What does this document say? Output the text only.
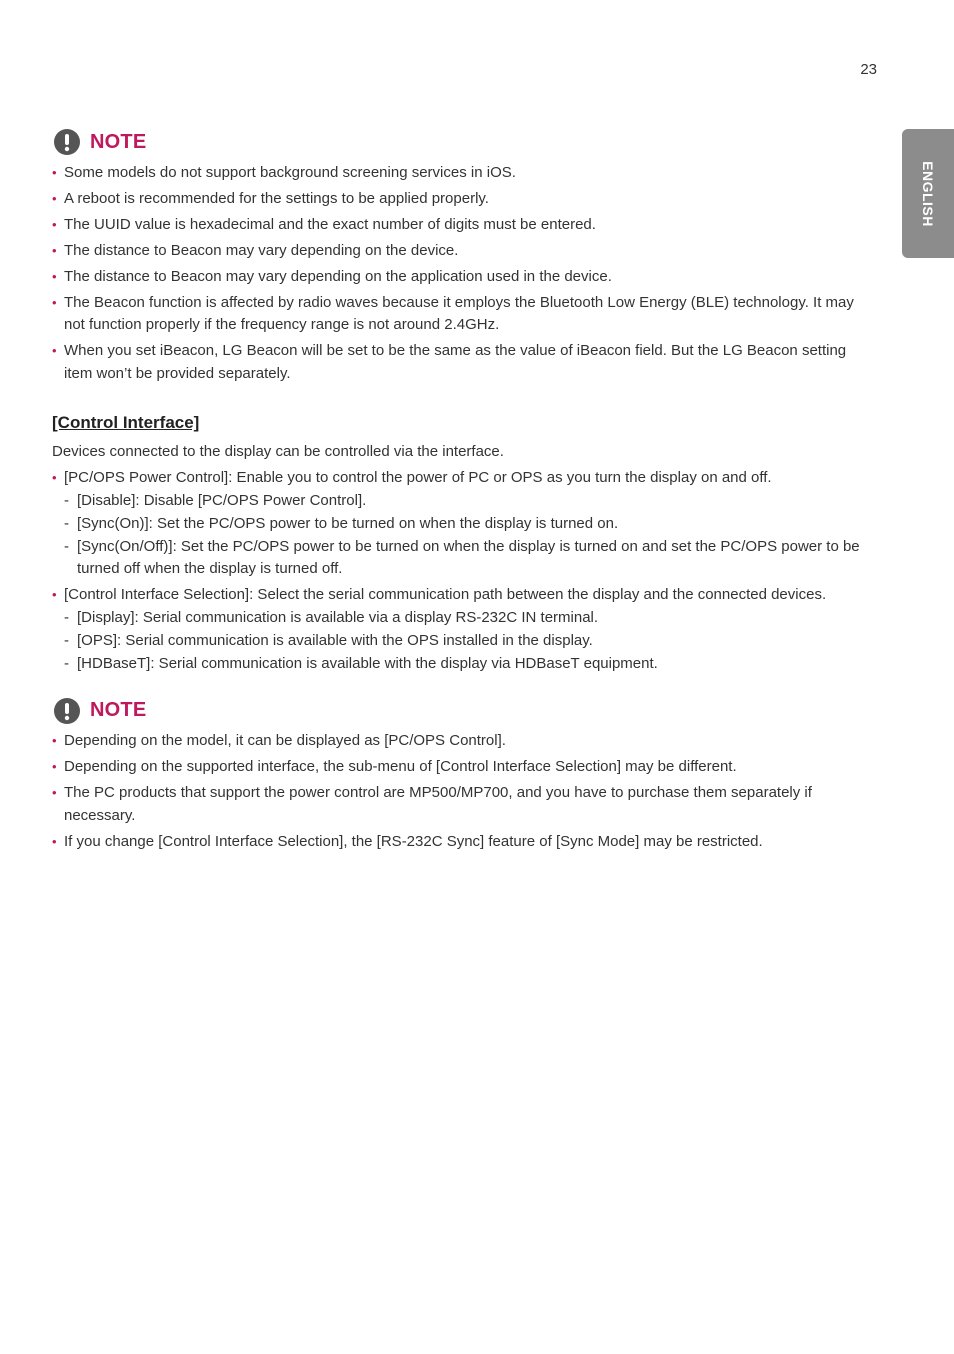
23
ENGLISH
NOTE
• Some models do not support background screening services in iOS.
• A reboot is recommended for the settings to be applied properly.
• The UUID value is hexadecimal and the exact number of digits must be entered.
• The distance to Beacon may vary depending on the device.
• The distance to Beacon may vary depending on the application used in the device.
• The Beacon function is affected by radio waves because it employs the Bluetooth Low Energy (BLE) technology. It may not function properly if the frequency range is not around 2.4GHz.
• When you set iBeacon, LG Beacon will be set to be the same as the value of iBeacon field. But the LG Beacon setting item won’t be provided separately.
[Control Interface]
Devices connected to the display can be controlled via the interface.
• [PC/OPS Power Control]: Enable you to control the power of PC or OPS as you turn the display on and off.
- [Disable]: Disable [PC/OPS Power Control].
- [Sync(On)]: Set the PC/OPS power to be turned on when the display is turned on.
- [Sync(On/Off)]: Set the PC/OPS power to be turned on when the display is turned on and set the PC/OPS power to be turned off when the display is turned off.
• [Control Interface Selection]: Select the serial communication path between the display and the connected devices.
- [Display]: Serial communication is available via a display RS-232C IN terminal.
- [OPS]: Serial communication is available with the OPS installed in the display.
- [HDBaseT]: Serial communication is available with the display via HDBaseT equipment.
NOTE
• Depending on the model, it can be displayed as [PC/OPS Control].
• Depending on the supported interface, the sub-menu of [Control Interface Selection] may be different.
• The PC products that support the power control are MP500/MP700, and you have to purchase them separately if necessary.
• If you change [Control Interface Selection], the [RS-232C Sync] feature of [Sync Mode] may be restricted.
